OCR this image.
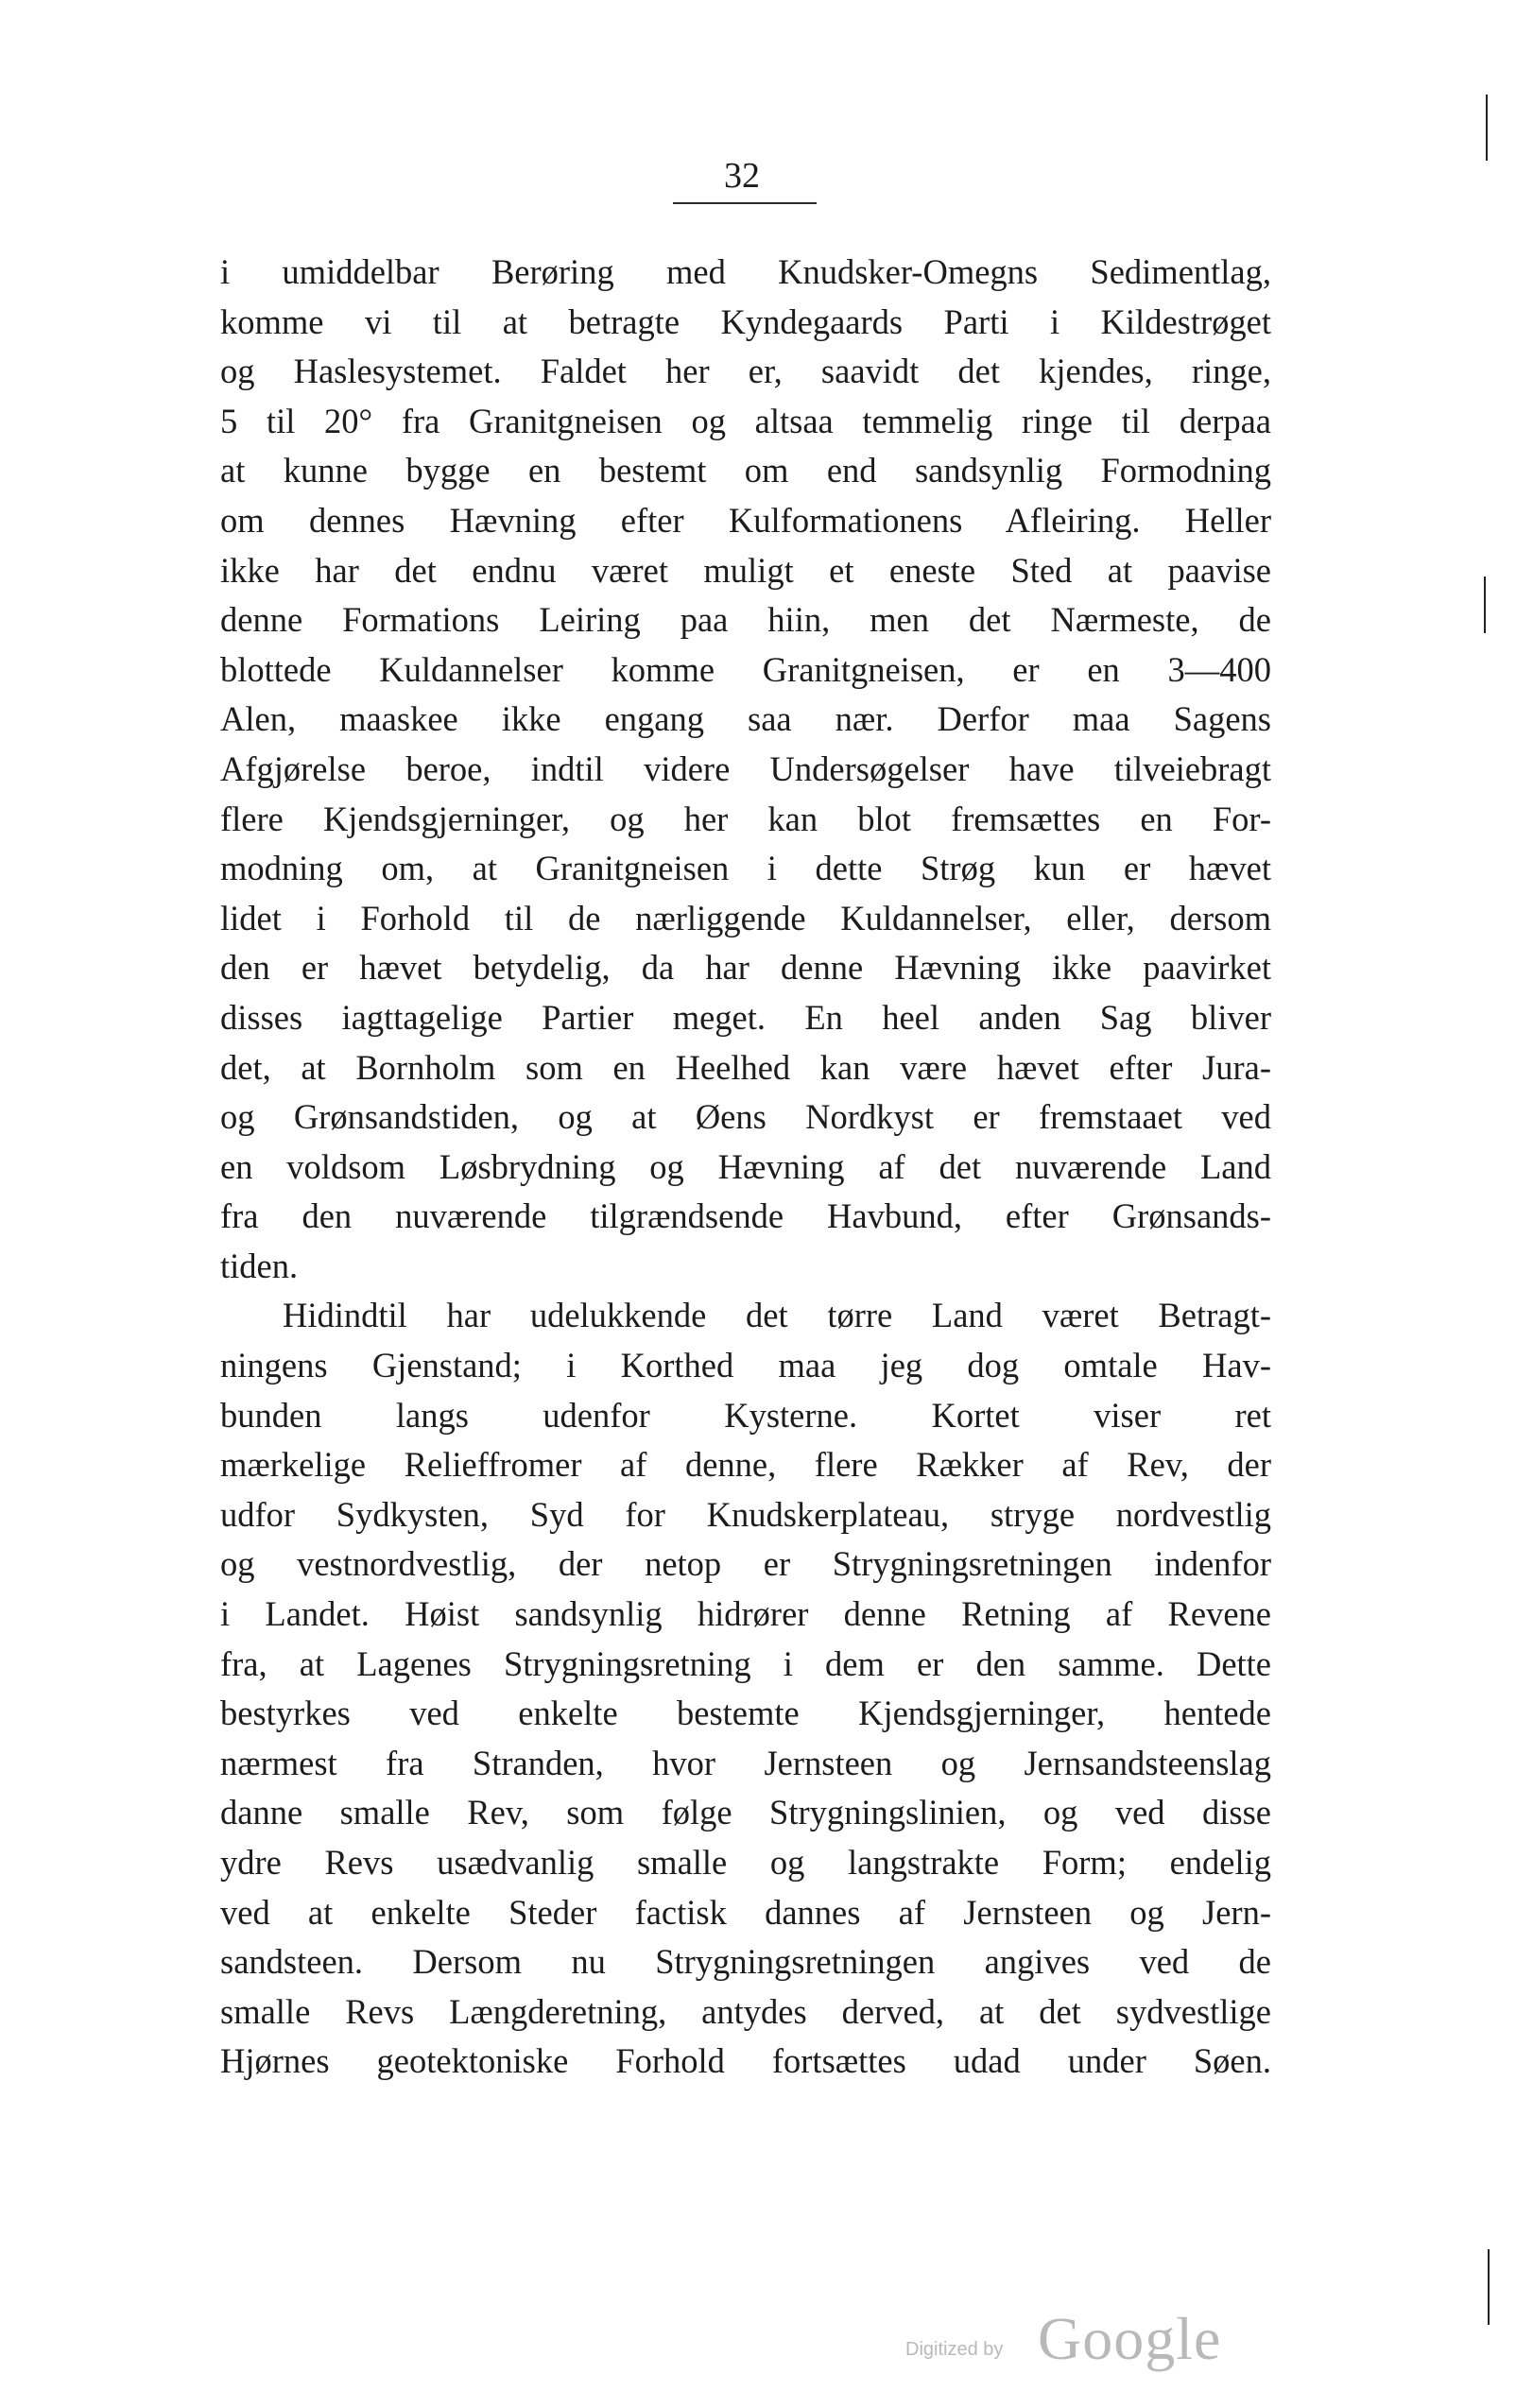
32
i umiddelbar Berøring med Knudsker-Omegns Sedimentlag,
komme vi til at betragte Kyndegaards Parti i Kildestrøget
og Haslesystemet. Faldet her er, saavidt det kjendes, ringe,
5 til 20° fra Granitgneisen og altsaa temmelig ringe til derpaa
at kunne bygge en bestemt om end sandsynlig Formodning
om dennes Hævning efter Kulformationens Afleiring. Heller
ikke har det endnu været muligt et eneste Sted at paavise
denne Formations Leiring paa hiin, men det Nærmeste, de
blottede Kuldannelser komme Granitgneisen, er en 3—400
Alen, maaskee ikke engang saa nær. Derfor maa Sagens
Afgjørelse beroe, indtil videre Undersøgelser have tilveiebragt
flere Kjendsgjerninger, og her kan blot fremsættes en For-
modning om, at Granitgneisen i dette Strøg kun er hævet
lidet i Forhold til de nærliggende Kuldannelser, eller, dersom
den er hævet betydelig, da har denne Hævning ikke paavirket
disses iagttagelige Partier meget. En heel anden Sag bliver
det, at Bornholm som en Heelhed kan være hævet efter Jura-
og Grønsandstiden, og at Øens Nordkyst er fremstaaet ved
en voldsom Løsbrydning og Hævning af det nuværende Land
fra den nuværende tilgrændsende Havbund, efter Grønsands-
tiden.
Hidindtil har udelukkende det tørre Land været Betragt-
ningens Gjenstand; i Korthed maa jeg dog omtale Hav-
bunden langs udenfor Kysterne. Kortet viser ret
mærkelige Relieffromer af denne, flere Rækker af Rev, der
udfor Sydkysten, Syd for Knudskerplateau, stryge nordvestlig
og vestnordvestlig, der netop er Strygningsretningen indenfor
i Landet. Høist sandsynlig hidrører denne Retning af Revene
fra, at Lagenes Strygningsretning i dem er den samme. Dette
bestyrkes ved enkelte bestemte Kjendsgjerninger, hentede
nærmest fra Stranden, hvor Jernsteen og Jernsandsteenslag
danne smalle Rev, som følge Strygningslinien, og ved disse
ydre Revs usædvanlig smalle og langstrakte Form; endelig
ved at enkelte Steder factisk dannes af Jernsteen og Jern-
sandsteen. Dersom nu Strygningsretningen angives ved de
smalle Revs Længderetning, antydes derved, at det sydvestlige
Hjørnes geotektoniske Forhold fortsættes udad under Søen.
Digitized by Google
